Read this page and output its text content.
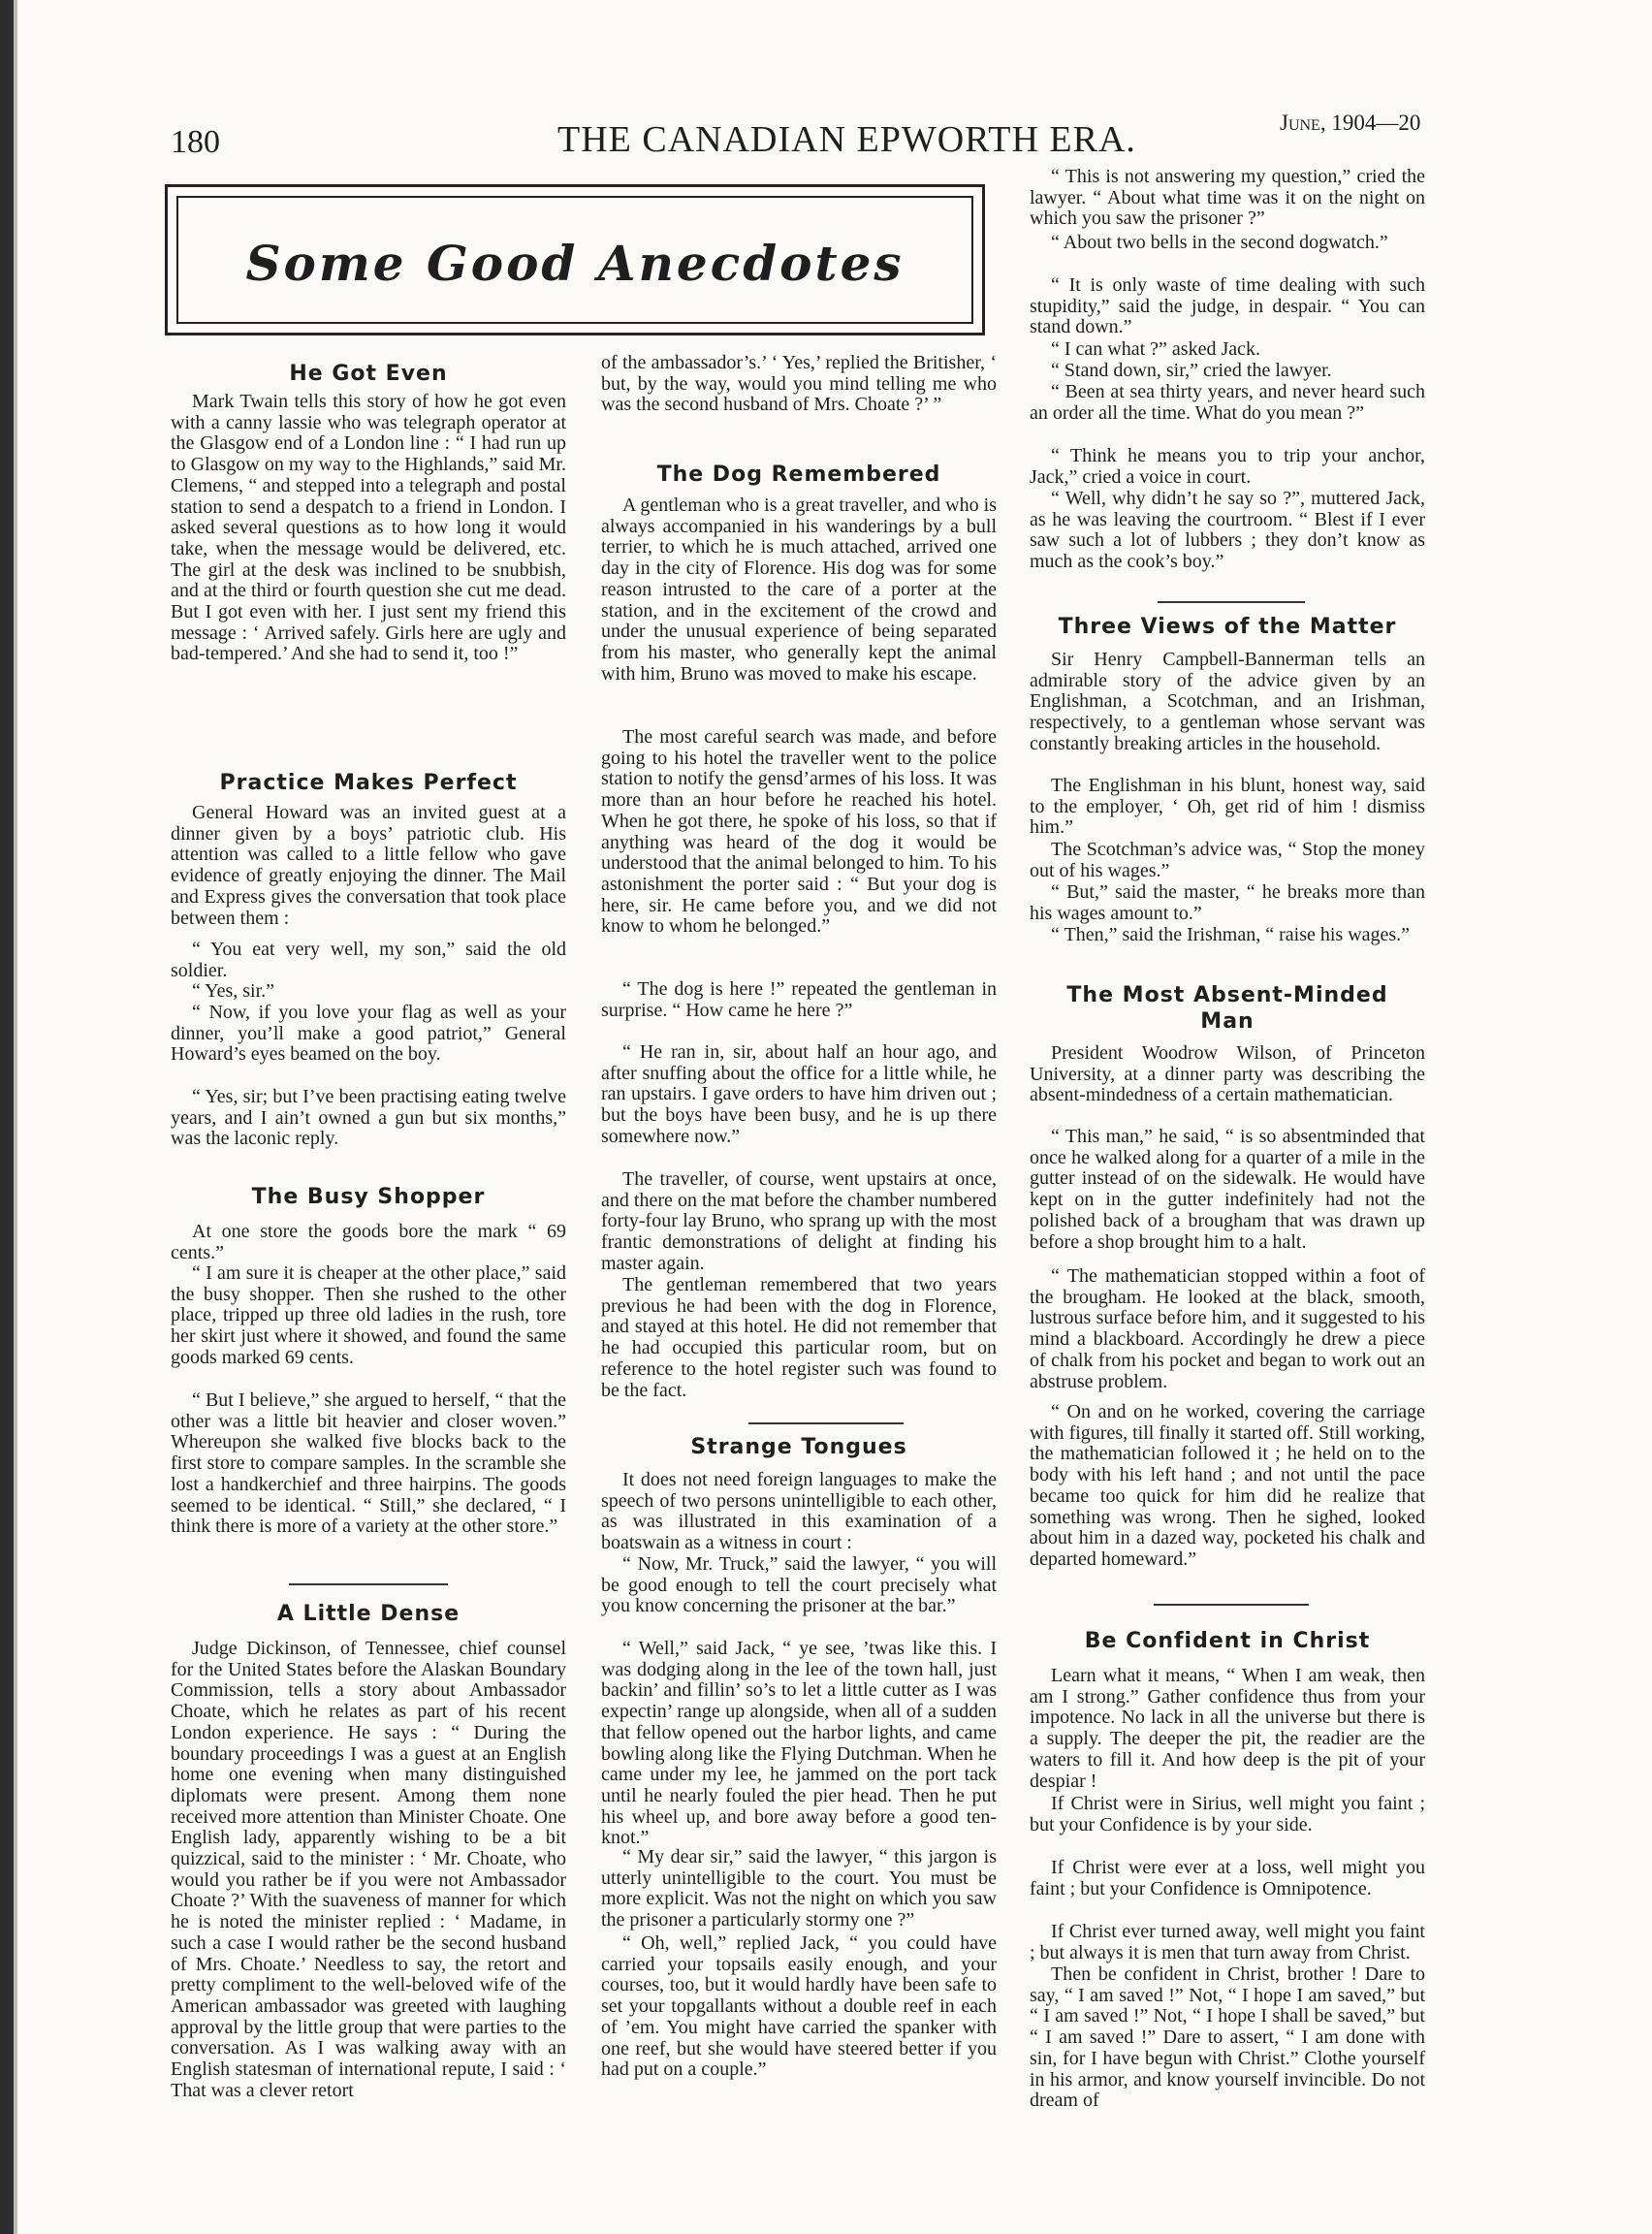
180	THE CANADIAN EPWORTH ERA.	June, 1904—20
Some Good Anecdotes
He Got Even

Mark Twain tells this story of how he got even with a canny lassie who was telegraph operator at the Glasgow end of a London line : “ I had run up to Glasgow on my way to the Highlands,” said Mr. Clemens, “ and stepped into a telegraph and postal station to send a despatch to a friend in London. I asked several questions as to how long it would take, when the message would be delivered, etc. The girl at the desk was inclined to be snubbish, and at the third or fourth question she cut me dead. But I got even with her. I just sent my friend this message : ‘ Arrived safely. Girls here are ugly and bad-tempered.’ And she had to send it, too !”

Practice Makes Perfect

General Howard was an invited guest at a dinner given by a boys’ patriotic club. His attention was called to a little fellow who gave evidence of greatly enjoying the dinner. The Mail and Express gives the conversation that took place between them :

“ You eat very well, my son,” said the old soldier.

“ Yes, sir.”

“ Now, if you love your flag as well as your dinner, you’ll make a good patriot,” General Howard’s eyes beamed on the boy.

“ Yes, sir; but I’ve been practising eating twelve years, and I ain’t owned a gun but six months,” was the laconic reply.

The Busy Shopper

At one store the goods bore the mark “ 69 cents.”

“ I am sure it is cheaper at the other place,” said the busy shopper. Then she rushed to the other place, tripped up three old ladies in the rush, tore her skirt just where it showed, and found the same goods marked 69 cents.

“ But I believe,” she argued to herself, “ that the other was a little bit heavier and closer woven.” Whereupon she walked five blocks back to the first store to compare samples. In the scramble she lost a handkerchief and three hairpins. The goods seemed to be identical. “ Still,” she declared, “ I think there is more of a variety at the other store.”

A Little Dense

Judge Dickinson, of Tennessee, chief counsel for the United States before the Alaskan Boundary Commission, tells a story about Ambassador Choate, which he relates as part of his recent London experience. He says : “ During the boundary proceedings I was a guest at an English home one evening when many distinguished diplomats were present. Among them none received more attention than Minister Choate. One English lady, apparently wishing to be a bit quizzical, said to the minister : ‘ Mr. Choate, who would you rather be if you were not Ambassador Choate ?’ With the suaveness of manner for which he is noted the minister replied : ‘ Madame, in such a case I would rather be the second husband of Mrs. Choate.’ Needless to say, the retort and pretty compliment to the well-beloved wife of the American ambassador was greeted with laughing approval by the little group that were parties to the conversation. As I was walking away with an English statesman of international repute, I said : ‘ That was a clever retort

of the ambassador’s.’ ‘ Yes,’ replied the Britisher, ‘ but, by the way, would you mind telling me who was the second husband of Mrs. Choate ?’ ”

The Dog Remembered

A gentleman who is a great traveller, and who is always accompanied in his wanderings by a bull terrier, to which he is much attached, arrived one day in the city of Florence. His dog was for some reason intrusted to the care of a porter at the station, and in the excitement of the crowd and under the unusual experience of being separated from his master, who generally kept the animal with him, Bruno was moved to make his escape.

The most careful search was made, and before going to his hotel the traveller went to the police station to notify the gensd’armes of his loss. It was more than an hour before he reached his hotel. When he got there, he spoke of his loss, so that if anything was heard of the dog it would be understood that the animal belonged to him. To his astonishment the porter said : “ But your dog is here, sir. He came before you, and we did not know to whom he belonged.”

“ The dog is here !” repeated the gentleman in surprise. “ How came he here ?”

“ He ran in, sir, about half an hour ago, and after snuffing about the office for a little while, he ran upstairs. I gave orders to have him driven out ; but the boys have been busy, and he is up there somewhere now.”

The traveller, of course, went upstairs at once, and there on the mat before the chamber numbered forty-four lay Bruno, who sprang up with the most frantic demonstrations of delight at finding his master again.

The gentleman remembered that two years previous he had been with the dog in Florence, and stayed at this hotel. He did not remember that he had occupied this particular room, but on reference to the hotel register such was found to be the fact.

Strange Tongues

It does not need foreign languages to make the speech of two persons unintelligible to each other, as was illustrated in this examination of a boatswain as a witness in court :

“ Now, Mr. Truck,” said the lawyer, “ you will be good enough to tell the court precisely what you know concerning the prisoner at the bar.”

“ Well,” said Jack, “ ye see, ’twas like this. I was dodging along in the lee of the town hall, just backin’ and fillin’ so’s to let a little cutter as I was expectin’ range up alongside, when all of a sudden that fellow opened out the harbor lights, and came bowling along like the Flying Dutchman. When he came under my lee, he jammed on the port tack until he nearly fouled the pier head. Then he put his wheel up, and bore away before a good ten-knot.”

“ My dear sir,” said the lawyer, “ this jargon is utterly unintelligible to the court. You must be more explicit. Was not the night on which you saw the prisoner a particularly stormy one ?”

“ Oh, well,” replied Jack, “ you could have carried your topsails easily enough, and your courses, too, but it would hardly have been safe to set your topgallants without a double reef in each of ’em. You might have carried the spanker with one reef, but she would have steered better if you had put on a couple.”

“ This is not answering my question,” cried the lawyer. “ About what time was it on the night on which you saw the prisoner ?”

“ About two bells in the second dogwatch.”

“ It is only waste of time dealing with such stupidity,” said the judge, in despair. “ You can stand down.”

“ I can what ?” asked Jack.

“ Stand down, sir,” cried the lawyer.

“ Been at sea thirty years, and never heard such an order all the time. What do you mean ?”

“ Think he means you to trip your anchor, Jack,” cried a voice in court.

“ Well, why didn’t he say so ?”, muttered Jack, as he was leaving the courtroom. “ Blest if I ever saw such a lot of lubbers ; they don’t know as much as the cook’s boy.”

Three Views of the Matter

Sir Henry Campbell-Bannerman tells an admirable story of the advice given by an Englishman, a Scotchman, and an Irishman, respectively, to a gentleman whose servant was constantly breaking articles in the household.

The Englishman in his blunt, honest way, said to the employer, ‘ Oh, get rid of him ! dismiss him.”

The Scotchman’s advice was, “ Stop the money out of his wages.”

“ But,” said the master, “ he breaks more than his wages amount to.”

“ Then,” said the Irishman, “ raise his wages.”

The Most Absent-Minded
Man

President Woodrow Wilson, of Princeton University, at a dinner party was describing the absent-mindedness of a certain mathematician.

“ This man,” he said, “ is so absentminded that once he walked along for a quarter of a mile in the gutter instead of on the sidewalk. He would have kept on in the gutter indefinitely had not the polished back of a brougham that was drawn up before a shop brought him to a halt.

“ The mathematician stopped within a foot of the brougham. He looked at the black, smooth, lustrous surface before him, and it suggested to his mind a blackboard. Accordingly he drew a piece of chalk from his pocket and began to work out an abstruse problem.

“ On and on he worked, covering the carriage with figures, till finally it started off. Still working, the mathematician followed it ; he held on to the body with his left hand ; and not until the pace became too quick for him did he realize that something was wrong. Then he sighed, looked about him in a dazed way, pocketed his chalk and departed homeward.”

Be Confident in Christ

Learn what it means, “ When I am weak, then am I strong.” Gather confidence thus from your impotence. No lack in all the universe but there is a supply. The deeper the pit, the readier are the waters to fill it. And how deep is the pit of your despiar !

If Christ were in Sirius, well might you faint ; but your Confidence is by your side.

If Christ were ever at a loss, well might you faint ; but your Confidence is Omnipotence.

If Christ ever turned away, well might you faint ; but always it is men that turn away from Christ.

Then be confident in Christ, brother ! Dare to say, “ I am saved !” Not, “ I hope I am saved,” but “ I am saved !” Not, “ I hope I shall be saved,” but “ I am saved !” Dare to assert, “ I am done with sin, for I have begun with Christ.” Clothe yourself in his armor, and know yourself invincible. Do not dream of
